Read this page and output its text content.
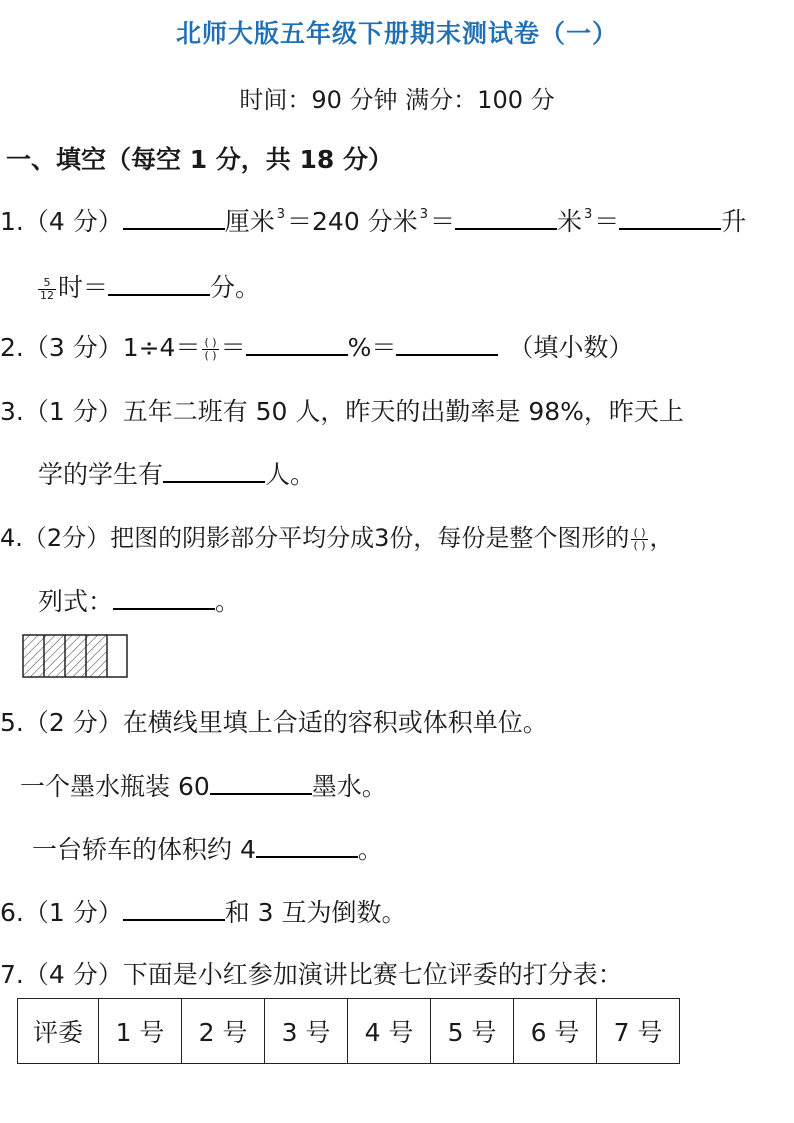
北师大版五年级下册期末测试卷（一）
时间：90 分钟 满分：100 分
一、填空（每空 1 分，共 18 分）
1.（4 分）	厘米 $^3$＝240 分米 $^3$＝	米 $^3$＝	升
$\frac{5}{12}$ 时＝	分。
2.（3 分）$1\div 4= \frac{( )}{( )}$ ＝	%＝	（填小数）
3.（1 分）五年二班有 50 人，昨天的出勤率是 98%，昨天上
学的学生有	人。
4.（2分）把图的阴影部分平均分成3份，每份是整个图形的 $\frac{( )}{( )}$ ，
列式：	。
5.（2 分）在横线里填上合适的容积或体积单位。
一个墨水瓶装 60	墨水。
一台轿车的体积约 4	。
6.（1 分）	和 3 互为倒数。
7.（4 分）下面是小红参加演讲比赛七位评委的打分表：
评委	1 号	2 号	3 号	4 号	5 号	6 号	7 号
